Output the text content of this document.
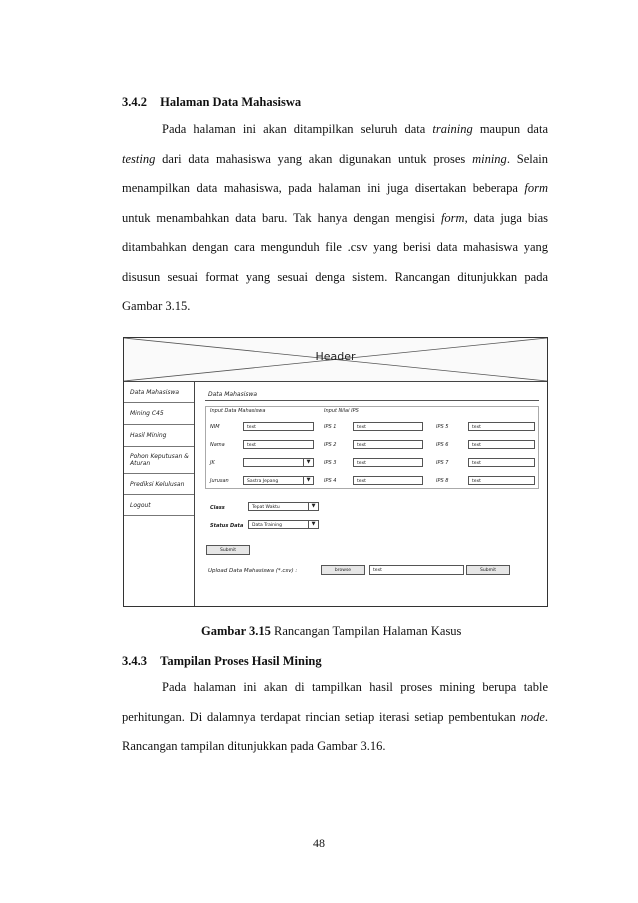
3.4.2 Halaman Data Mahasiswa

Pada halaman ini akan ditampilkan seluruh data training maupun data testing dari data mahasiswa yang akan digunakan untuk proses mining. Selain menampilkan data mahasiswa, pada halaman ini juga disertakan beberapa form untuk menambahkan data baru. Tak hanya dengan mengisi form, data juga bias ditambahkan dengan cara mengunduh file .csv yang berisi data mahasiswa yang disusun sesuai format yang sesuai denga sistem. Rancangan ditunjukkan pada Gambar 3.15.

Header
Data Mahasiswa
Mining C45
Hasil Mining
Pohon Keputusan & Aturan
Prediksi Kelulusan
Logout
Data Mahasiswa
Input Data Mahasiswa	Input Nilai IPS
NIM	text
Nama	text
JK	▼
Jurusan	Sastra Jepang	▼
IPS 1	text
IPS 2	text
IPS 3	text
IPS 4	text
IPS 5	text
IPS 6	text
IPS 7	text
IPS 8	text
Class	Tepat Waktu	▼
Status Data	Data Training	▼
Submit
Upload Data Mahasiswa (*.csv) :	browse	text	Submit
Gambar 3.15 Rancangan Tampilan Halaman Kasus
3.4.3 Tampilan Proses Hasil Mining

Pada halaman ini akan di tampilkan hasil proses mining berupa table perhitungan. Di dalamnya terdapat rincian setiap iterasi setiap pembentukan node. Rancangan tampilan ditunjukkan pada Gambar 3.16.

48
